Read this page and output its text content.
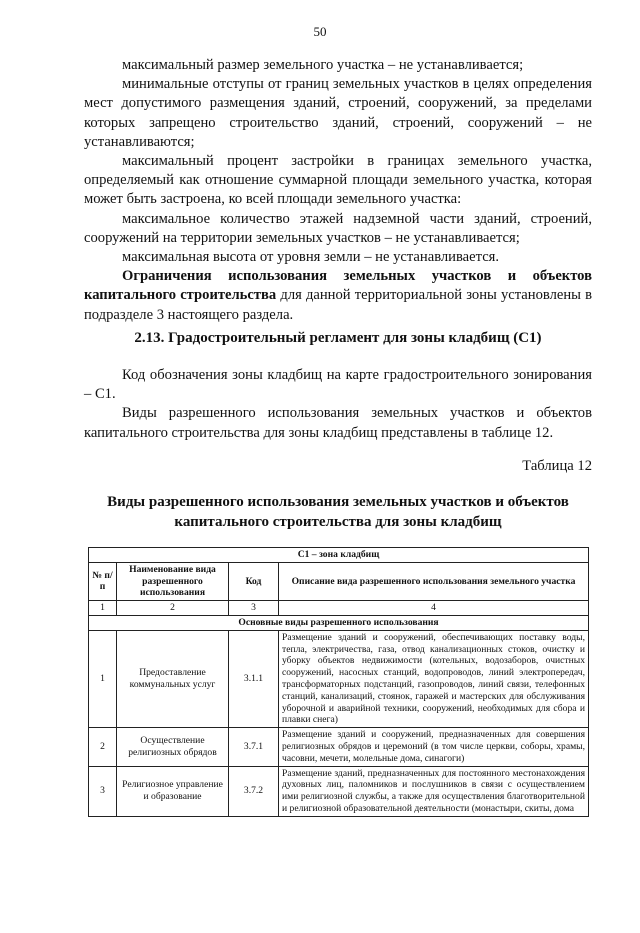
50

максимальный размер земельного участка – не устанавливается;

минимальные отступы от границ земельных участков в целях определения мест допустимого размещения зданий, строений, сооружений, за пределами которых запрещено строительство зданий, строений, сооружений – не устанавливаются;

максимальный процент застройки в границах земельного участка, определяемый как отношение суммарной площади земельного участка, которая может быть застроена, ко всей площади земельного участка:

максимальное количество этажей надземной части зданий, строений, сооружений на территории земельных участков – не устанавливается;

максимальная высота от уровня земли – не устанавливается.

Ограничения использования земельных участков и объектов капитального строительства для данной территориальной зоны установлены в подразделе 3 настоящего раздела.

2.13. Градостроительный регламент для зоны кладбищ (С1)

Код обозначения зоны кладбищ на карте градостроительного зонирования – С1.

Виды разрешенного использования земельных участков и объектов капитального строительства для зоны кладбищ представлены в таблице 12.

Таблица 12
Виды разрешенного использования земельных участков и объектов капитального строительства для зоны кладбищ
С1 – зона кладбищ			
№ п/п	Наименование вида разрешенного использования	Код	Описание вида разрешенного использования земельного участка
1	2	3	4
Основные виды разрешенного использования			
1	Предоставление коммунальных услуг	3.1.1	Размещение зданий и сооружений, обеспечивающих поставку воды, тепла, электричества, газа, отвод канализационных стоков, очистку и уборку объектов недвижимости (котельных, водозаборов, очистных сооружений, насосных станций, водопроводов, линий электропередач, трансформаторных подстанций, газопроводов, линий связи, телефонных станций, канализаций, стоянок, гаражей и мастерских для обслуживания уборочной и аварийной техники, сооружений, необходимых для сбора и плавки снега)
2	Осуществление религиозных обрядов	3.7.1	Размещение зданий и сооружений, предназначенных для совершения религиозных обрядов и церемоний (в том числе церкви, соборы, храмы, часовни, мечети, молельные дома, синагоги)
3	Религиозное управление и образование	3.7.2	Размещение зданий, предназначенных для постоянного местонахождения духовных лиц, паломников и послушников в связи с осуществлением ими религиозной службы, а также для осуществления благотворительной и религиозной образовательной деятельности (монастыри, скиты, дома
